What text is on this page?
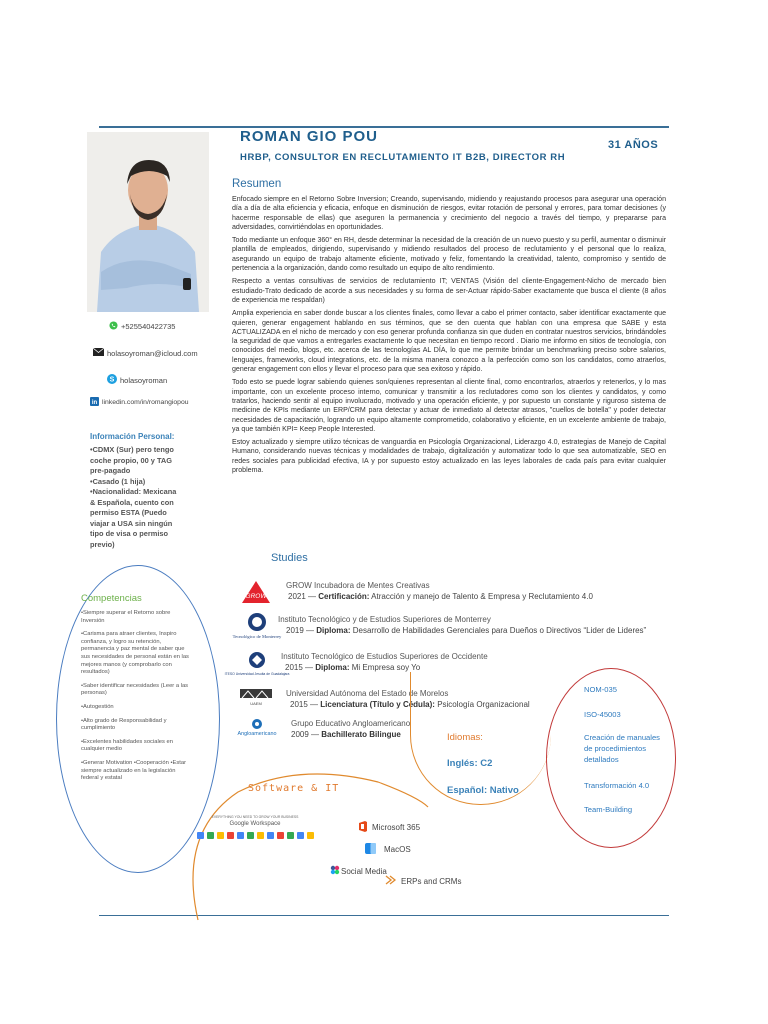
ROMAN GIO POU
HRBP, CONSULTOR EN RECLUTAMIENTO IT B2B, DIRECTOR RH
31 AÑOS
+525540422735
holasoyroman@icloud.com
S holasoyroman
in linkedin.com/in/romangiopou
Información Personal:
•CDMX (Sur) pero tengo
coche propio, 00 y TAG
pre-pagado
•Casado (1 hija)
•Nacionalidad: Mexicana
& Española, cuento con
permiso ESTA (Puedo
viajar a USA sin ningún
tipo de visa o permiso
previo)
Resumen

Enfocado siempre en el Retorno Sobre Inversion; Creando, supervisando, midiendo y reajustando procesos para asegurar una operación día a día de alta eficiencia y eficacia, enfoque en disminución de riesgos, evitar rotación de personal y errores, para tomar decisiones (y hacerme responsable de ellas) que aseguren la permanencia y crecimiento del negocio a través del tiempo, y prepararse para adversidades, convirtiéndolas en oportunidades.

Todo mediante un enfoque 360° en RH, desde determinar la necesidad de la creación de un nuevo puesto y su perfil, aumentar o disminuir plantilla de empleados, dirigiendo, supervisando y midiendo resultados del proceso de reclutamiento y el personal que lo realiza, asegurando un equipo de trabajo altamente eficiente, motivado y feliz, fomentando la creatividad, talento, compromiso y sentido de pertenencia a la organización, dando como resultado un equipo de alto rendimiento.

Respecto a ventas consultivas de servicios de reclutamiento IT; VENTAS (Visión del cliente-Engagement-Nicho de mercado bien estudiado-Trato dedicado de acorde a sus necesidades y su forma de ser-Actuar rápido-Saber exactamente que busca el cliente (8 años de experiencia me respaldan)

Amplia experiencia en saber donde buscar a los clientes finales, como llevar a cabo el primer contacto, saber identificar exactamente que quieren, generar engagement hablando en sus términos, que se den cuenta que hablan con una empresa que SABE y esta ACTUALIZADA en el nicho de mercado y con eso generar profunda confianza sin que duden en contratar nuestros servicios, brindándoles la seguridad de que vamos a entregarles exactamente lo que necesitan en tiempo record . Diario me informo en sitios de tecnología, con conocidos del medio, blogs, etc. acerca de las tecnologías AL DÍA, lo que me permite brindar un benchmarking preciso sobre salarios, lenguajes, frameworks, cloud integrations, etc. de la misma manera conozco a la perfección como son los candidatos, como atraerlos, generar engagement con ellos y llevar el proceso para que sea exitoso y rápido.

Todo esto se puede lograr sabiendo quienes son/quienes representan al cliente final, como encontrarlos, atraerlos y retenerlos, y lo mas importante, con un excelente proceso interno, comunicar y transmitir a los reclutadores como son los clientes y candidatos, y como tratarlos, haciendo sentir al equipo involucrado, motivado y una operación eficiente, y por supuesto un constante y riguroso sistema de medicine de KPIs mediante un ERP/CRM para detectar y actuar de inmediato al detectar atrasos, "cuellos de botella" y poder detectar necesidades de capacitación, logrando un equipo altamente comprometido, colaborativo y eficiente, en un excelente ambiente de trabajo, ya que también KPI= Keep People Interested.

Estoy actualizado y siempre utilizo técnicas de vanguardia en Psicología Organizacional, Liderazgo 4.0, estrategias de Manejo de Capital Humano, considerando nuevas técnicas y modalidades de trabajo, digitalización y automatizar todo lo que sea automatizable, SEO en redes sociales para publicidad efectiva, IA y por supuesto estoy actualizado en las leyes laborales de cada país para evitar cualquier problema.

Competencias
•Siempre superar el Retorno sobre Inversión
•Carisma para atraer clientes, Inspiro confianza, y logro su retención, permanencia y paz mental de saber que sus necesidades de personal están en las mejores manos (y comprobarlo con resultados)
•Saber identificar necesidades (Leer a las personas)
•Autogestión
•Alto grado de Responsabilidad y cumplimiento
•Excelentes habilidades sociales en cualquier medio
•Generar Motivation •Cooperación •Estar siempre actualizado en la legislación federal y estatal
Studies
GROW
GROW Incubadora de Mentes Creativas
2021 — Certificación: Atracción y manejo de Talento & Empresa y Reclutamiento 4.0
Tecnológico de Monterrey
Instituto Tecnológico y de Estudios Superiores de Monterrey
2019 — Diploma: Desarrollo de Habilidades Gerenciales para Dueños o Directivos “Lider de Lideres”
ITESO Universidad Jesuita de Guadalajara
Instituto Tecnológico de Estudios Superiores de Occidente
2015 — Diploma: Mi Empresa soy Yo
UAEM
Universidad Autónoma del Estado de Morelos
2015 — Licenciatura (Título y Cédula): Psicología Organizacional
Angloamericano
Grupo Educativo Angloamericano
2009 — Bachillerato Bilingue
NOM-035
ISO-45003
Creación de manuales de procedimientos detallados
Transformación 4.0
Team-Building
Idiomas:
Inglés: C2
Español: Nativo
Software & IT
EVERYTHING YOU NEED TO GROW YOUR BUSINESS
Google Workspace	Microsoft 365
MacOS
Social Media
ERPs and CRMs
